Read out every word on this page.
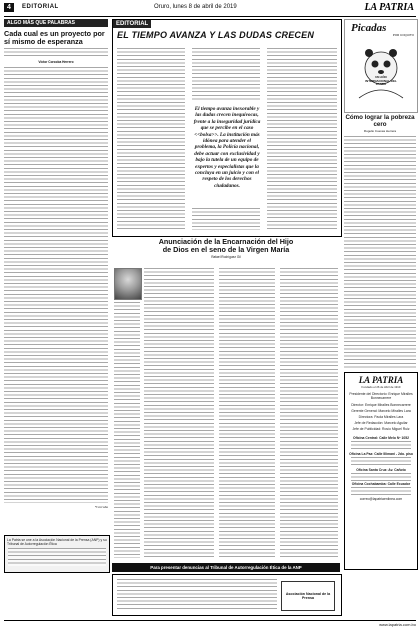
4	EDITORIAL	Oruro, lunes 8 de abril de 2019	LA PATRIA
ALGO MÁS QUE PALABRAS
Cada cual es un proyecto por sí mismo de esperanza
Víctor Corcoba Herrero
*Corcoba
La Patria se une a la Asociación Nacional de la Prensa (ANP) y su Tribunal de Autorregulación Ética
EDITORIAL
EL TIEMPO AVANZA Y LAS DUDAS CRECEN
El tiempo avanza inexorable y las dudas crecen inequívocas, frente a la inseguridad jurídica que se percibe en el caso <<bolsa>>. La institución más idónea para atender el problema, la Policía nacional, debe actuar con exclusividad y bajo la tutela de un equipo de expertos y especialistas que la concluya en un juicio y con el respeto de los derechos ciudadanos.
Picadas
POR COQUITO
UN AÑO INTERNACIONAL DEL PANDA
Cómo lograr la pobreza cero
Rogelio Cuevas Herrera
Anunciación de la Encarnación del Hijo
de Dios en el seno de la Virgen María
Rafael Rodríguez Gil
LA PATRIA
Fundado el 26 de Abril de 1919
Presidente del Directorio: Enrique Miralles Bonnecarrere
Director: Enrique Miralles Bonnecarrere
Gerente General: Marcelo Miralles Lara
Directora: Paola Miralles Lara
Jefe de Redacción: Marcelo Aguilar
Jefe de Publicidad: Rosío Miguel Ruiz
Oficina Central: Calle Melo Nº 1052
Oficina La Paz: Calle Illimani - 2do. piso
Oficina Santa Cruz: Av. Cañoto
Oficina Cochabamba: Calle Ecuador
correo@lapatriaenlinea.com
Para presentar denuncias al Tribunal de Autorregulación Ética de la ANP
Asociación Nacional de la Prensa
www.lapatria.com.bo
